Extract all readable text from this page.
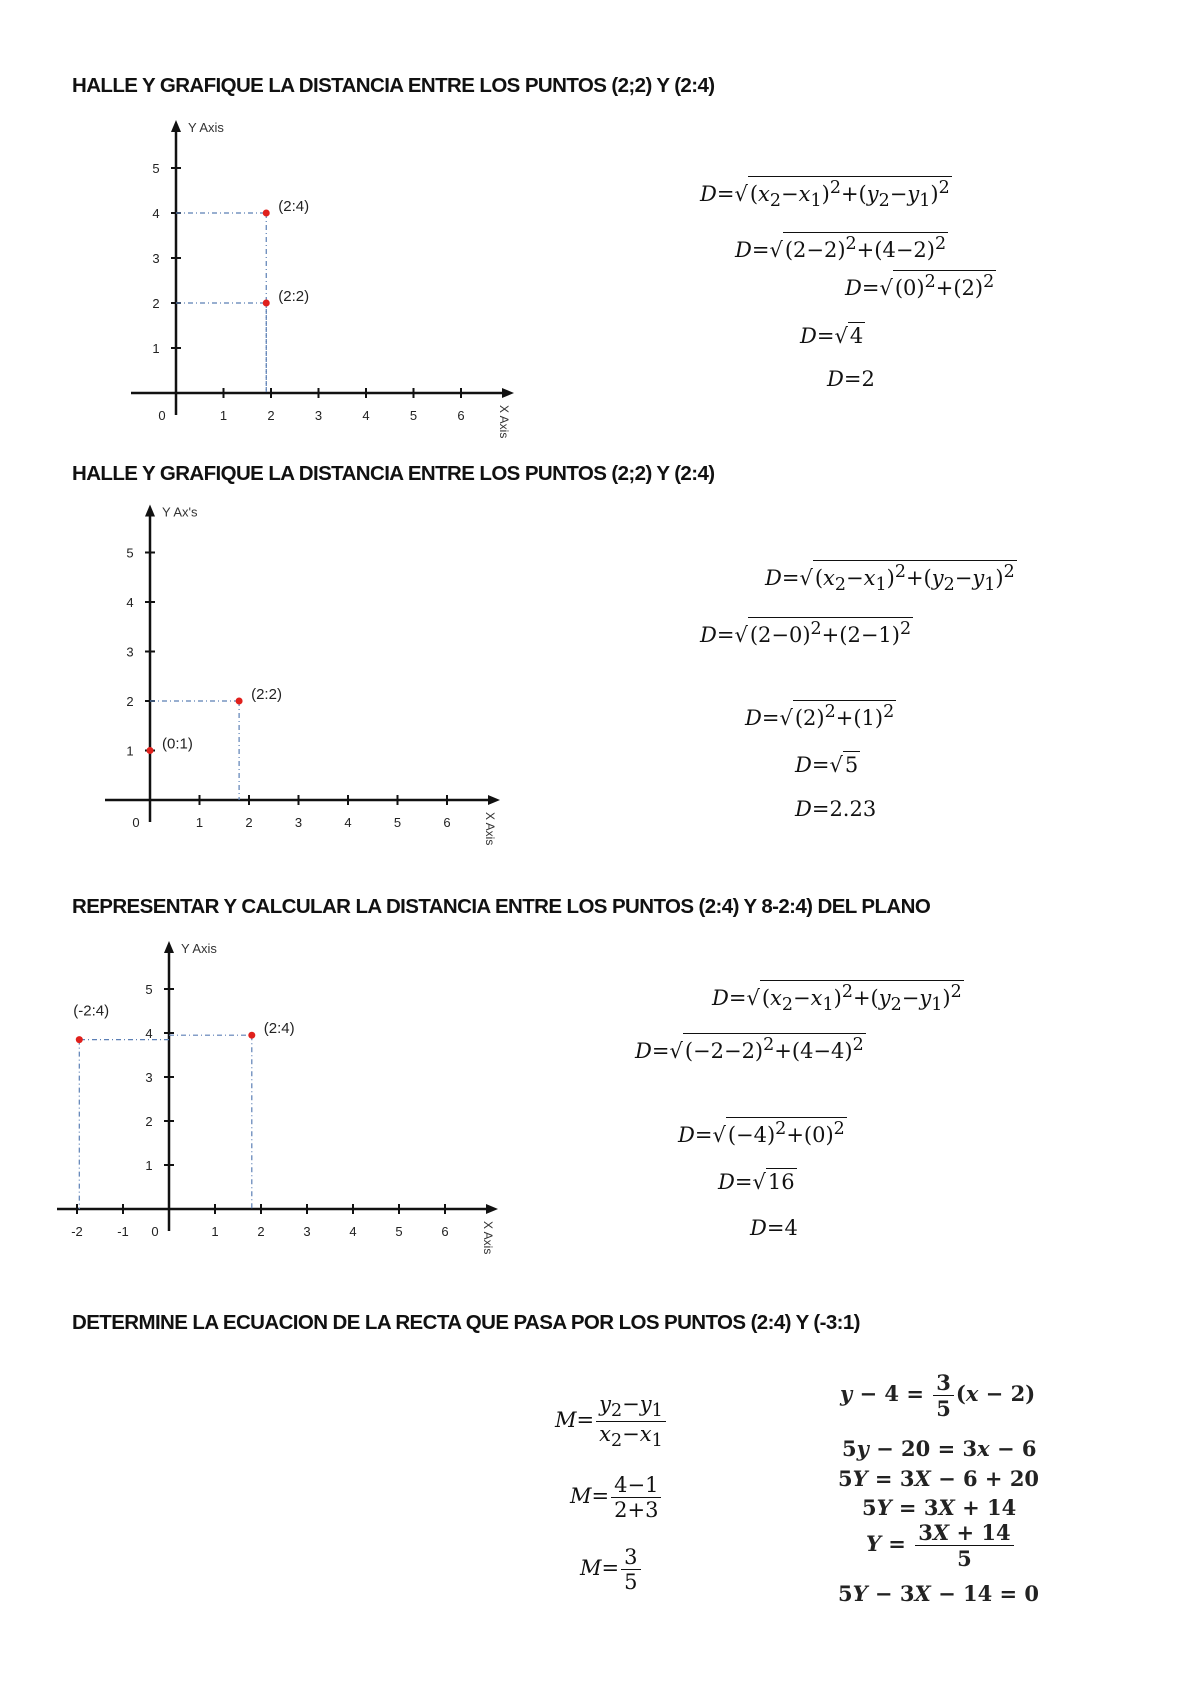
HALLE Y GRAFIQUE LA DISTANCIA ENTRE LOS PUNTOS (2;2) Y (2:4)
Y Axis
X Axis
0	1	2	3	4	5	6
1
2
3
4
5
(2:4)
(2:2)
$D=√(x_2-x_1)^2+(y_2-y_1)^2$
$D=√(2-2)^2+(4-2)^2$
$D=√(0)^2+(2)^2$
D=√4
D=2
HALLE Y GRAFIQUE LA DISTANCIA ENTRE LOS PUNTOS (2;2) Y (2:4)
Y Ax's
X Axis
0	1	2	3	4	5	6
1
2
3
4
5
(2:2)
(0:1)
$D=√(x_2-x_1)^2+(y_2-y_1)^2$
$D=√(2-0)^2+(2-1)^2$
$D=√(2)^2+(1)^2$
D=√5
D=2.23
REPRESENTAR Y CALCULAR LA DISTANCIA ENTRE LOS PUNTOS (2:4) Y 8-2:4) DEL PLANO
Y Axis
X Axis
-2	-1 0	1	2	3	4	5	6
1
2
3
4
5
(-2:4)
(2:4)
$D=√(x_2-x_1)^2+(y_2-y_1)^2$
$D=√(-2-2)^2+(4-4)^2$
$D=√(-4)^2+(0)^2$
D=√16
D=4
DETERMINE LA ECUACION DE LA RECTA QUE PASA POR LOS PUNTOS (2:4) Y (-3:1)
$M= \frac{y_2-y_1}{x_2-x_1}$
$M= \frac{4-1}{2+3}$
$M= \frac{3}{5}$
$y - 4 = \frac{3}{5} (x - 2)$
5y − 20 = 3x − 6
5Y = 3X − 6 + 20
5Y = 3X + 14
$Y = \frac{3X + 14}{5}$
5Y − 3X − 14 = 0
